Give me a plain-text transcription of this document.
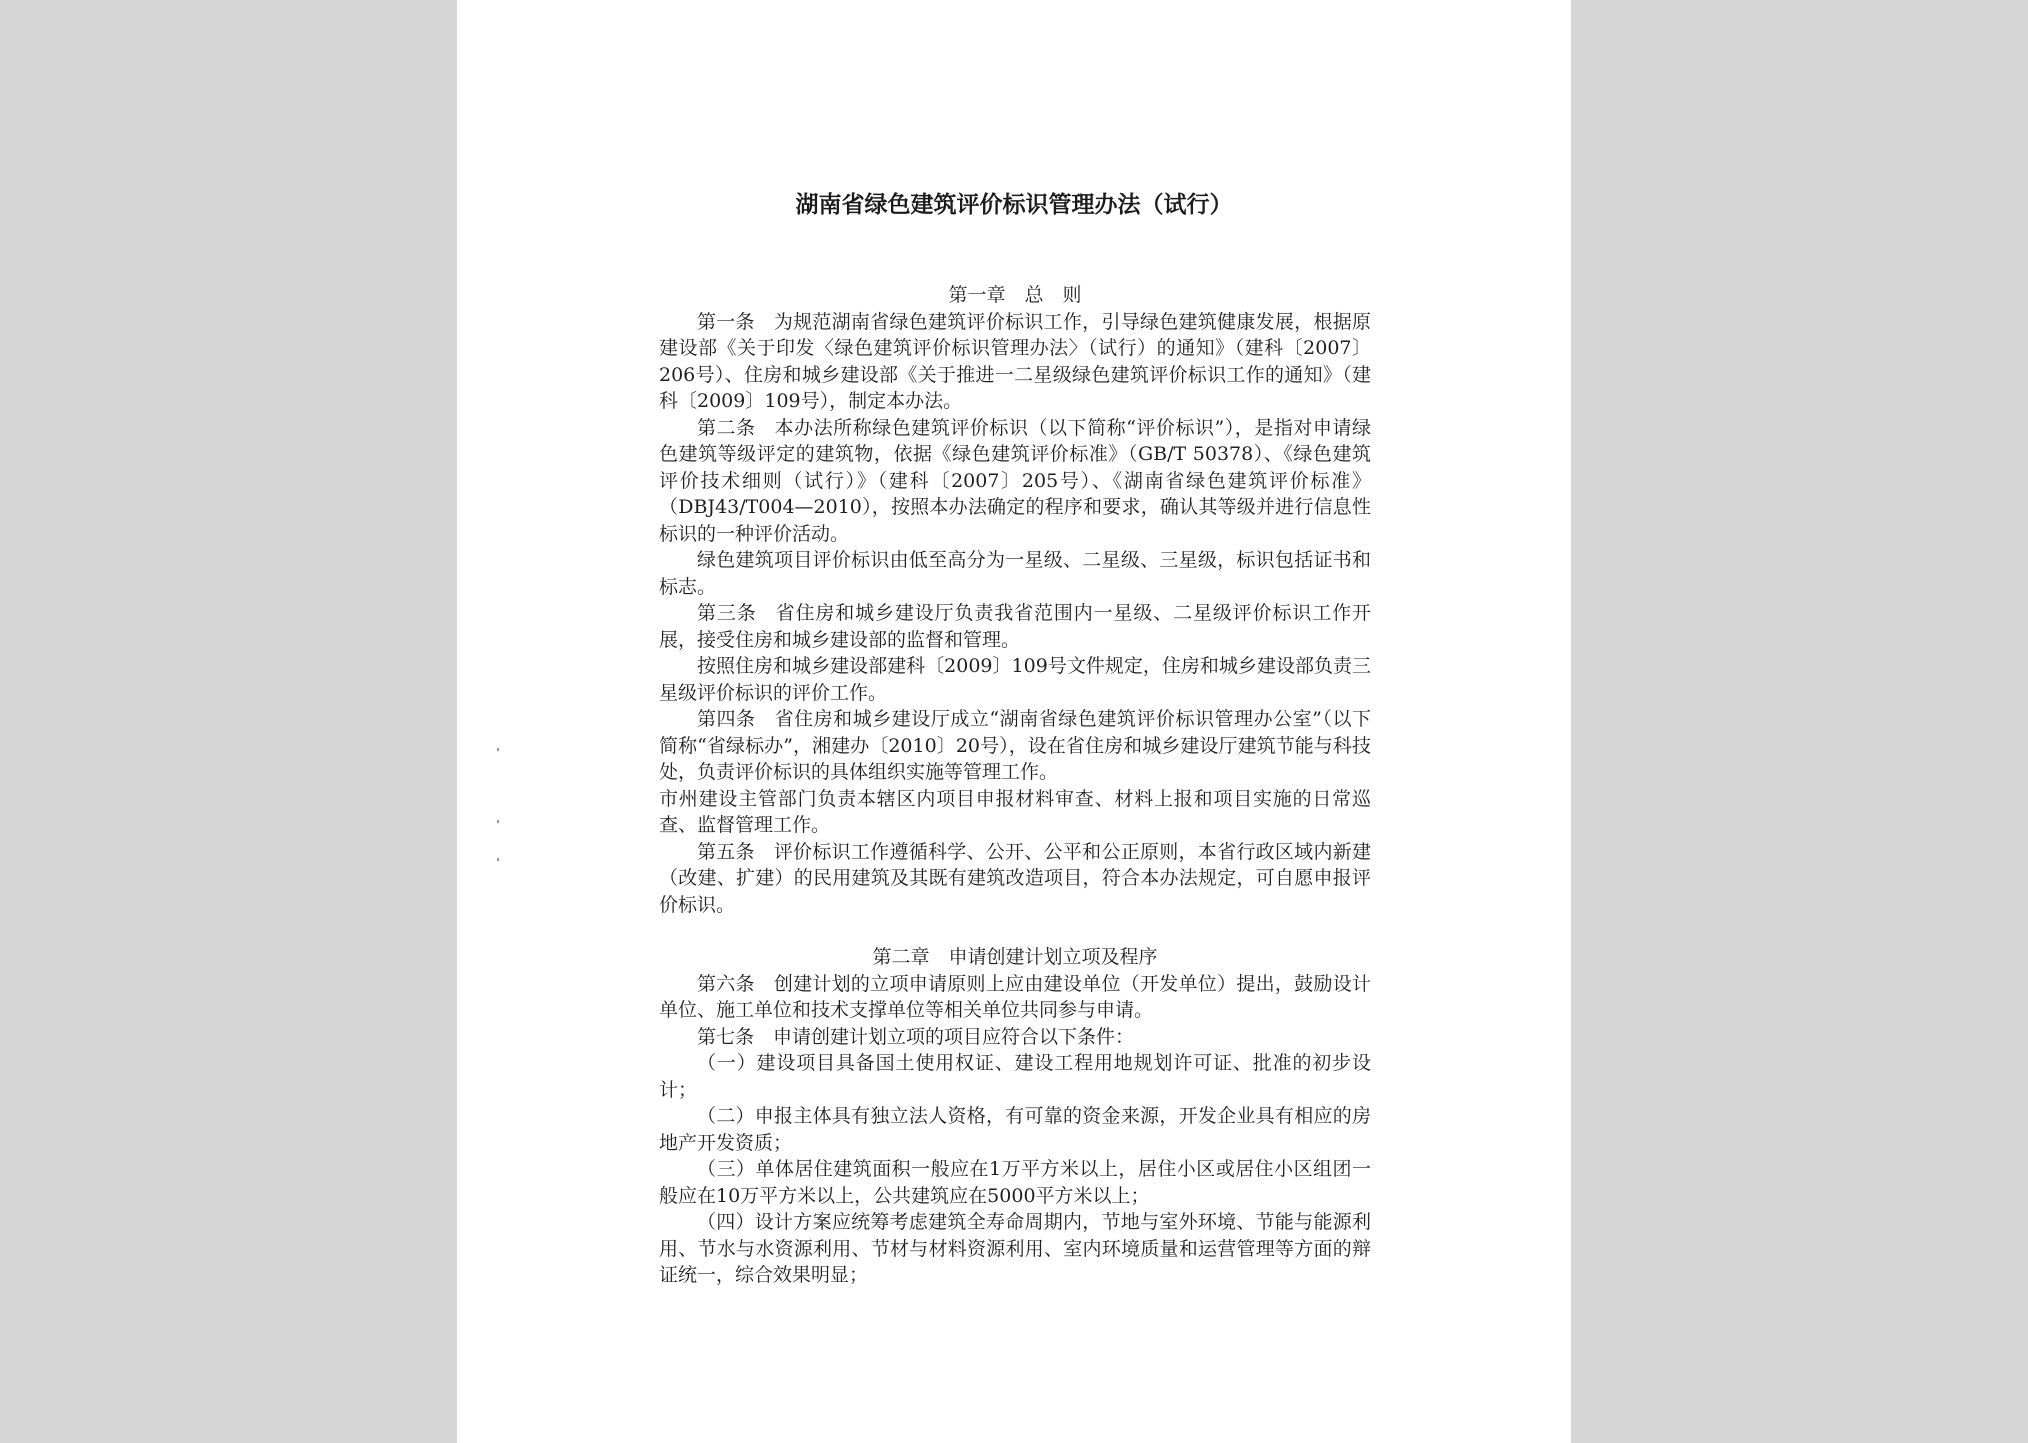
湖南省绿色建筑评价标识管理办法（试行）
第一章　总　则

第一条 为规范湖南省绿色建筑评价标识工作，引导绿色建筑健康发展，根据原建设部《关于印发〈绿色建筑评价标识管理办法〉（试行）的通知》（建科〔2007〕206号）、住房和城乡建设部《关于推进一二星级绿色建筑评价标识工作的通知》（建科〔2009〕109号），制定本办法。

第二条 本办法所称绿色建筑评价标识（以下简称“评价标识”），是指对申请绿色建筑等级评定的建筑物，依据《绿色建筑评价标准》（GB/T 50378）、《绿色建筑评价技术细则（试行）》（建科〔2007〕205号）、《湖南省绿色建筑评价标准》（DBJ43/T004—2010），按照本办法确定的程序和要求，确认其等级并进行信息性标识的一种评价活动。

绿色建筑项目评价标识由低至高分为一星级、二星级、三星级，标识包括证书和标志。

第三条 省住房和城乡建设厅负责我省范围内一星级、二星级评价标识工作开展，接受住房和城乡建设部的监督和管理。

按照住房和城乡建设部建科〔2009〕109号文件规定，住房和城乡建设部负责三星级评价标识的评价工作。

第四条 省住房和城乡建设厅成立“湖南省绿色建筑评价标识管理办公室”（以下简称“省绿标办”，湘建办〔2010〕20号），设在省住房和城乡建设厅建筑节能与科技处，负责评价标识的具体组织实施等管理工作。

市州建设主管部门负责本辖区内项目申报材料审查、材料上报和项目实施的日常巡查、监督管理工作。

第五条 评价标识工作遵循科学、公开、公平和公正原则，本省行政区域内新建（改建、扩建）的民用建筑及其既有建筑改造项目，符合本办法规定，可自愿申报评价标识。

第二章　申请创建计划立项及程序

第六条 创建计划的立项申请原则上应由建设单位（开发单位）提出，鼓励设计单位、施工单位和技术支撑单位等相关单位共同参与申请。

第七条 申请创建计划立项的项目应符合以下条件：

（一）建设项目具备国土使用权证、建设工程用地规划许可证、批准的初步设计；

（二）申报主体具有独立法人资格，有可靠的资金来源，开发企业具有相应的房地产开发资质；

（三）单体居住建筑面积一般应在1万平方米以上，居住小区或居住小区组团一般应在10万平方米以上，公共建筑应在5000平方米以上；

（四）设计方案应统筹考虑建筑全寿命周期内，节地与室外环境、节能与能源利用、节水与水资源利用、节材与材料资源利用、室内环境质量和运营管理等方面的辩证统一，综合效果明显；
